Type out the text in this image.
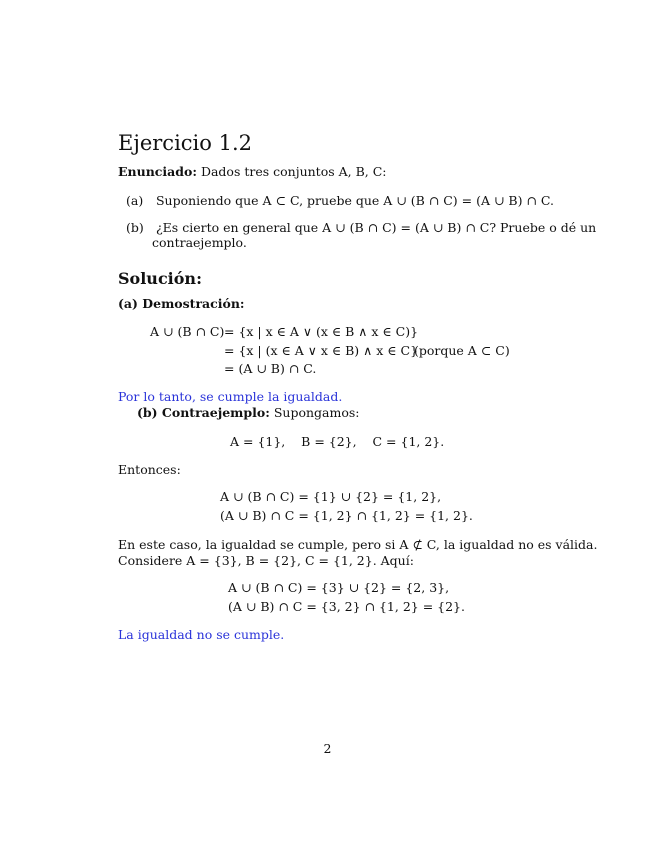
Ejercicio 1.2
Enunciado: Dados tres conjuntos A, B, C:
(a) Suponiendo que A ⊂ C, pruebe que A ∪ (B ∩ C) = (A ∪ B) ∩ C.
(b) ¿Es cierto en general que A ∪ (B ∩ C) = (A ∪ B) ∩ C? Pruebe o dé un
contraejemplo.
Solución:
(a) Demostración:
A ∪ (B ∩ C) = {x | x ∈ A ∨ (x ∈ B ∧ x ∈ C)}
= {x | (x ∈ A ∨ x ∈ B) ∧ x ∈ C}
(porque A ⊂ C)
= (A ∪ B) ∩ C.
Por lo tanto, se cumple la igualdad.
(b) Contraejemplo: Supongamos:
A = {1},    B = {2},    C = {1, 2}.
Entonces:
A ∪ (B ∩ C) = {1} ∪ {2} = {1, 2},
(A ∪ B) ∩ C = {1, 2} ∩ {1, 2} = {1, 2}.
En este caso, la igualdad se cumple, pero si A ⊄ C, la igualdad no es válida.
Considere A = {3}, B = {2}, C = {1, 2}. Aquí:
A ∪ (B ∩ C) = {3} ∪ {2} = {2, 3},
(A ∪ B) ∩ C = {3, 2} ∩ {1, 2} = {2}.
La igualdad no se cumple.
2
